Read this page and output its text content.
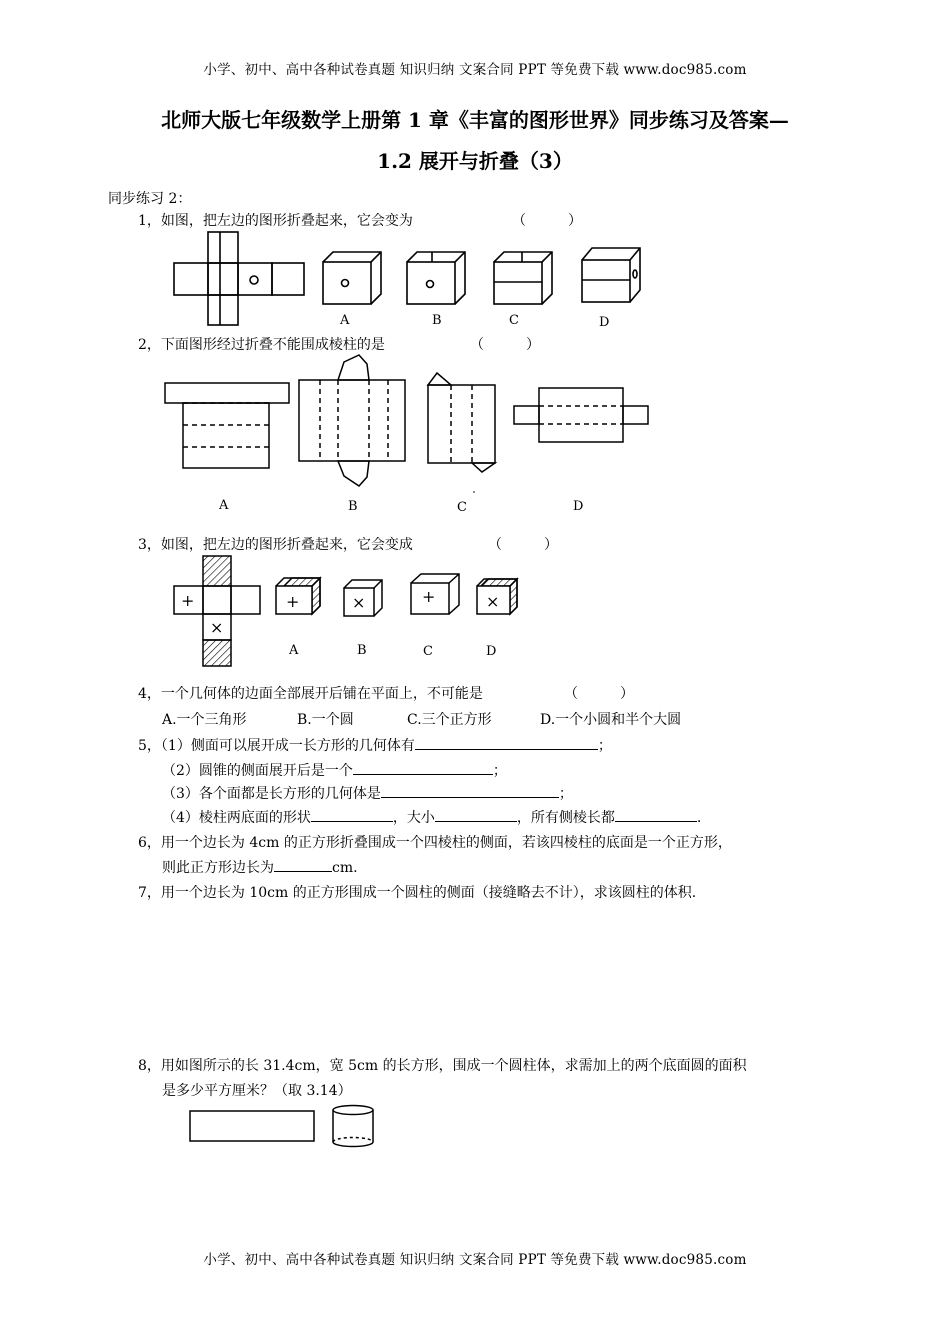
小学、初中、高中各种试卷真题 知识归纳 文案合同 PPT 等免费下载 www.doc985.com
北师大版七年级数学上册第 1 章《丰富的图形世界》同步练习及答案—
1.2 展开与折叠（3）
同步练习 2：
1，如图，把左边的图形折叠起来，它会变为	（　　　）
A	B	C	D
2，下面图形经过折叠不能围成棱柱的是	（　　　）
A	B	C	D
3，如图，把左边的图形折叠起来，它会变成	（　　　）
+
×
+	×	+	×
A	B	C	D
4，一个几何体的边面全部展开后铺在平面上，不可能是	（　　　）
A.一个三角形	B.一个圆	C.三个正方形	D.一个小圆和半个大圆
5，（1）侧面可以展开成一长方形的几何体有	；
（2）圆锥的侧面展开后是一个	；
（3）各个面都是长方形的几何体是	；
（4）棱柱两底面的形状	，大小	，所有侧棱长都	.
6，用一个边长为 4cm 的正方形折叠围成一个四棱柱的侧面，若该四棱柱的底面是一个正方形，
则此正方形边长为	cm.
7，用一个边长为 10cm 的正方形围成一个圆柱的侧面（接缝略去不计），求该圆柱的体积.
8，用如图所示的长 31.4cm，宽 5cm 的长方形，围成一个圆柱体，求需加上的两个底面圆的面积
是多少平方厘米？（取 3.14）
小学、初中、高中各种试卷真题 知识归纳 文案合同 PPT 等免费下载 www.doc985.com
